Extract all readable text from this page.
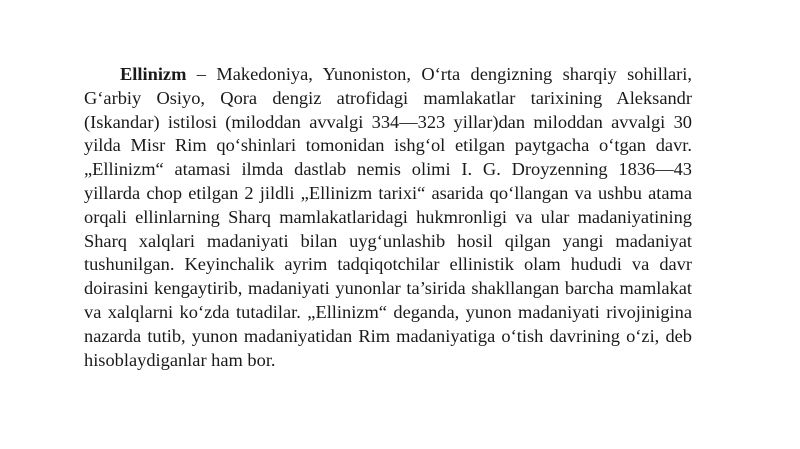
Ellinizm – Makedoniya, Yunoniston, O‘rta dengizning sharqiy sohillari, G‘arbiy Osiyo, Qora dengiz atrofidagi mamlakatlar tarixining Aleksandr (Iskandar) istilosi (miloddan avvalgi 334—323 yillar)dan miloddan avvalgi 30 yilda Misr Rim qo‘shinlari tomonidan ishg‘ol etilgan paytgacha o‘tgan davr. „Ellinizm“ atamasi ilmda dastlab nemis olimi I. G. Droyzenning 1836—43 yillarda chop etilgan 2 jildli „Ellinizm tarixi“ asarida qo‘llangan va ushbu atama orqali ellinlarning Sharq mamlakatlaridagi hukmronligi va ular madaniyatining Sharq xalqlari madaniyati bilan uyg‘unlashib hosil qilgan yangi madaniyat tushunilgan. Keyinchalik ayrim tadqiqotchilar ellinistik olam hududi va davr doirasini kengaytirib, madaniyati yunonlar ta’sirida shakllangan barcha mamlakat va xalqlarni ko‘zda tutadilar. „Ellinizm“ deganda, yunon madaniyati rivojinigina nazarda tutib, yunon madaniyatidan Rim madaniyatiga o‘tish davrining o‘zi, deb hisoblaydiganlar ham bor.
